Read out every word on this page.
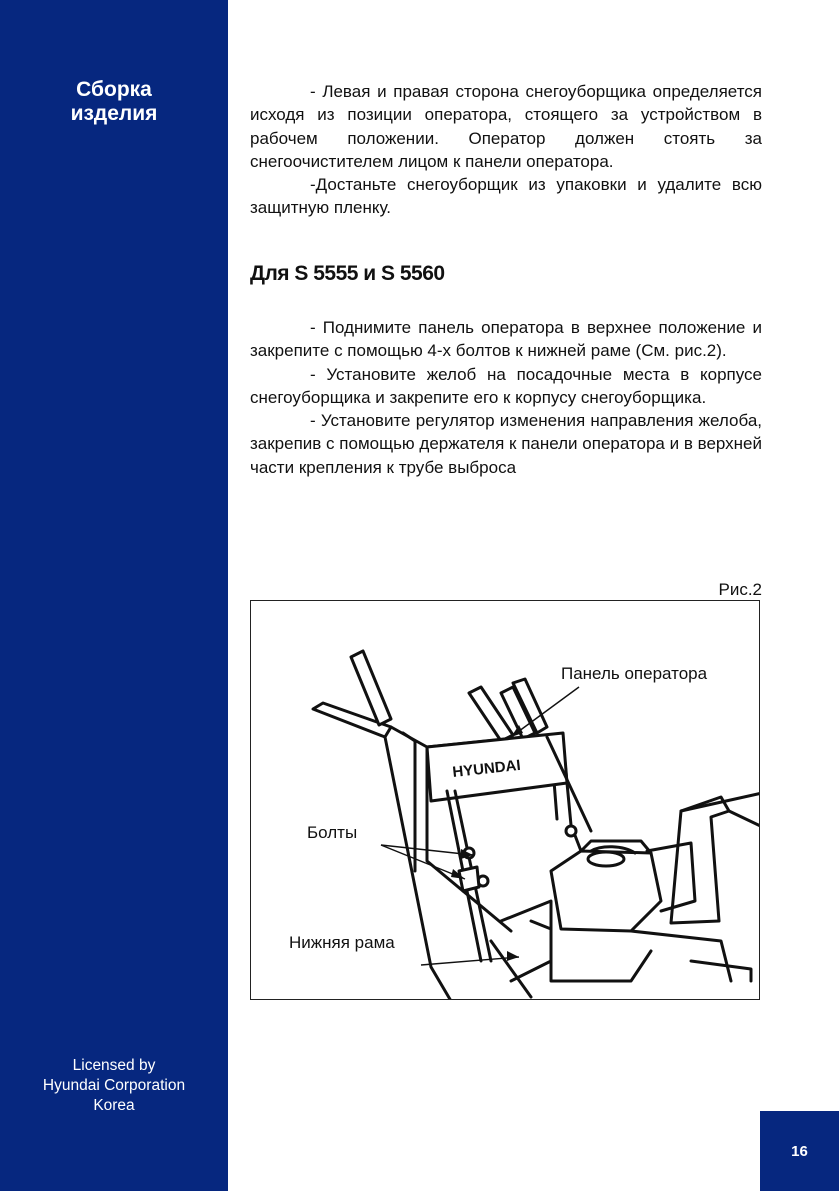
Сборка
изделия
Licensed by
Hyundai Corporation
Korea
16

- Левая и правая сторона снегоуборщика определяется исходя из позиции оператора, стоящего за устройством в рабочем положении. Оператор должен стоять за снегоочистителем лицом к панели оператора.

-Достаньте снегоуборщик из упаковки и удалите всю защитную пленку.

Для S 5555 и S 5560

- Поднимите панель оператора в верхнее положение и закрепите с помощью 4-х болтов к нижней раме (См. рис.2).

- Установите желоб на посадочные места в корпусе снегоуборщика и закрепите его к корпусу снегоуборщика.

- Установите регулятор изменения направления желоба, закрепив с помощью держателя к панели оператора и в верхней части крепления к трубе выброса

Рис.2
HYUNDAI
Панель оператора
Болты
Нижняя рама
